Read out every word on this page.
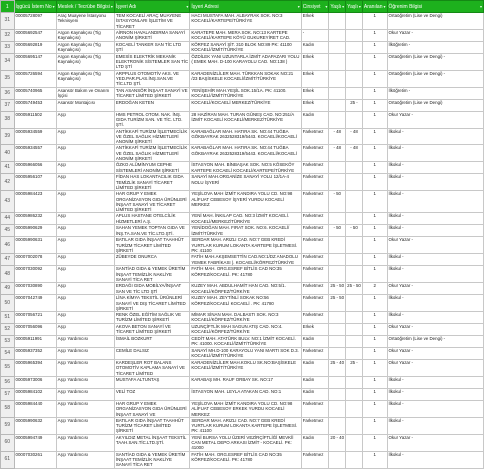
1	İşgücü İstem No ▾	Meslek / Tecrübe Bilgisi ▾	İşyeri Adı ▾	İşyeri Adresi ▾	Cinsiyet ▾	Yaşlı ▾	Yaşlı ▾	Aranılan ▾	Öğrenim Bilgisi ▾

31	00005728097	Araç Muayene İstasyonu Teknisyeni	TEM KOCAELİ ARAÇ MUAYENE İSTASYONLARI İŞLETİM VE TİCARET	HACI MUSTAFA MAH. ALBAYRAK SOK. NO:3 KOCAELİ/KARTEPE/TÜRKİYE	Erkek			1	Ortaöğretim (Lise ve Dengi)
32	00005692547	Argon Kaynakçısı (Tig Kaynakçısı)	AİRNON HAVALANDIRMA SANAYİ ANONİM ŞİRKETİ	KARATEPE MAH. MERA SOK. NO:13 KARTEPE KOCAELİ/KARTEPE KÖYÜ GUKUREYİRET CAD.	-			1	Okur Yazar -
33	00005692819	Argon Kaynakçısı (Tig Kaynakçısı)	KOCAELİ TANKER SAN TİC LTD ŞTİ	KÖRFEZ SANAYİ ŞİT. 310 BLOK NO:89 PK: 41100 KOCAELİ/İZMİT/TÜRKİYE	Kadın			1	İlköğretim -
34	00005695147	Argon Kaynakçısı (Tig Kaynakçısı)	EMESİS ELEKTRİK MEKANİK ELEKTRONİK SİSTEMLER SAN TİC LTD ŞTİ	ÖZDİLEK YANI UZUNTARLA İZMİT ADAPAZARI YOLU ( EMEK MAH. D-100 KARAYOLU CAD. NO:138 )	Erkek			1	Ortaöğretim (Lise ve Dengi) -
35	00005726594	Argon Kaynakçısı (Tig Kaynakçısı)	ARPPLUS OTOMOTİV AKS. VE YED.PAR.PLAS.İNŞ.SAN.VE TİC.LTD ŞTİ.	KARADENİZLİLER MAH. TÜRKKAN SOKAK NO:21 /23 BAŞİSKELE KOCAELİ/İZMİT/TÜRKİYE	Erkek			1	Ortaöğretim (Lise ve Dengi) -
36	00005740965	Asansör Bakım ve Onarım İşçisi	TAN ASANSÖR İNŞAAT SANAYİ VE TİCARET LİMİTED ŞİRKETİ	YENİŞEHİR MAH.YEŞİL SOK.15/1A. PK: 41100. KOCAELİ/İZMİT/TÜRKİYE	Erkek			1	İlköğretim -
37	00005749453	Asansör Montajcısı	ERDOĞAN KETEN	KOCAELİ/KOCAELİ MERKEZ/TÜRKİYE	Erkek		25 -	1	Ortaöğretim (Lise ve Dengi)
38	00005911502	Aşçı	HMS PETROL OTOM. NAK. İNŞ. GIDA TURİZM SAN. VE TİC. LTD. ŞTİ.	28 HAZİRAN MAH. TURAN GÜNEŞ CAD. NO:251/A İZMİT KOCAELİ KOCAELİ/MERKEZ/TÜRKİYE	Kadın			1	Okur Yazar -
39	00005934559	Aşçı	ANTİKKAFİ TURİZM İŞLETMECİLİK VE ÖZEL SAĞLIK HİZMETLERİ ANONİM ŞİRKETİ	KARABAĞLAR MAH. HATIRA SK. NO:44 TUĞBA GÖKBAYRAK 2632528319/5443. KOCAELİ/KOCAELİ	Farketmez	- 48	- 48	1	İlkokul -
40	00005934557	Aşçı	ANTİKKAFİ TURİZM İŞLETMECİLİK VE ÖZEL SAĞLIK HİZMETLERİ ANONİM ŞİRKETİ	KARABAĞLAR MAH. HATIRA SK. NO:44 TUĞBA GÖKBAYRAK 2632528319/5443. KOCAELİ/KOCAELİ	Farketmez	- 48	- 48	1	İlkokul -
41	00005966056	Aşçı	ÖZKO ALÜMİNYUM CEPHE SİSTEMLERİ ANONİM ŞİRKETİ	İSTASYON MAH. BİNBAŞAK SOK. NO:5 KÖSEKÖY KARTEPE KOCAELİ KOCAELİ/KARTEPE/TÜRKİYE	Farketmez			1	İlkokul -
42	00005956107	Aşçı	FİDAN HAS LOKANTACILIK GIDA TEMİZLİK SANAYİ TİCARET LİMİTED ŞİRKETİ	SANAYİ MAH.ORGANİZE SANAYİ YOLU 12/1A-4 NOLU İŞYERİ	Farketmez			1	İlkokul -
43	00005984423	Aşçı	HAR GRUP Y EMEK ORGANİZASYON GIDA ÜRÜNLERİ İNŞAAT SANAYİ VE TİCARET LİMİTED ŞİRKETİ	YEŞİLOVA MAH İZMİT KANDIRA YOLU CD. NO:98 ALİFUAT CEBESOY İŞYERİ YURDU KOCAELİ MERKEZ	Farketmez	- 50		1	İlkokul -
44	00005986232	Aşçı	APLUS HASTANE OTELCİLİK HİZMETLERİ A.Ş.	YENİ MAH. İNKILAP CAD. NO:3 İZMİT KOCAELİ. KOCAELİ/MERKEZ/TÜRKİYE	Farketmez			1	İlkokul -
45	00005990629	Aşçı	SAHAN YEMEK TOPTAN GIDA VE İNŞ.TA.SAN.VE TİC.LTD.ŞTİ.	YENİDOĞAN MAH. FIRAT SOK. NO:6. KOCAELİ/İZMİT/TÜRKİYE	Farketmez	- 50	- 50	1	İlkokul -
46	00005990631	Aşçı	BATILAR GIDA İNŞAAT TAAHHÜT TURİZM TİCARET LİMİTED ŞİRKETİ	SERDAR MAH. ARIZLI CAD. NO:7 GEB KREDİ YURTLAR KURUM LOKANTA KARTEPE İŞLETMESİ. PK: 41100	Farketmez			1	Okur Yazar -
47	00007002078	Aşçı	ZÜBEYDE ONURCA	FATİH MAH.AKŞEMSETTİN CAD.NO:1/DZ ANADOLU YEMEK FABRİKASI ). KOCAELİ/KÖRFEZ/TÜRKİYE	Farketmez			1	İlkokul -
48	00007030092	Aşçı	SANTİAD GIDA & YEMEK ÜRETİM İNŞAAT TEMİZLİK NAKLİYE SANAYİ TİCA RET	FATİH MAH. ORG.ESREF BİTLİS CAD NO:35 KÖRFEZ/KOCAELİ. PK: 41780	Farketmez			1	İlkokul -
49	00007030890	Aşçı	ERDAĞI GIDA MOBİLYA/İNŞAAT SAN VE TİC LTD ŞTİ	KUZEY MAH. ABDULHAMİT HAN CAD. NO:5/1. KOCAELİ/KÖRFEZ/TÜRKİYE	Farketmez	25 - 50	25 - 50	2	Okur Yazar -
50	00007042749	Aşçı	LİNA KİMYA TEKSTİL ÜRÜNLERİ SANAYİ VE DIŞ TİCARET LİMİTED ŞİRKETİ	KUZEY MAH. ZEYTİNLİ SOKAK NO:56 KÖRFEZ/KOCAELİ KOCAELİ . PK: 41780	Farketmez	25 - 50		1	İlkokul -
51	00007056721	Aşçı	RENK ÖZEL EĞİTİM SAĞLIK VE TURİZM LİMİTED ŞİRKETİ	MİMAR SİNAN MAH. DALBASTI SOK. NO:3 KOCAELİ/KÖRFEZ/TÜRKİYE	Farketmez			1	İlkokul -
52	00007056096	Aşçı	AKOVA BETON SANAYİ VE TİCARET LİMİTED ŞİRKETİ	UZUNÇİFTLİK MAH SAGUN ATIŞ CAD. NO:4. KOCAELİ/KÖRFEZ/TÜRKİYE	Erkek			1	Okur Yazar -
53	00005911991	Aşçı Yardımcısı	İSMAİL BOZKURT	CEDİT MAH. ATATÜRK BULV. NO:1 İZMİT KOCAELİ. PK: 41000. KOCAELİ/İZMİT/TÜRKİYE	Kadın			1	Ortaöğretim (Lise ve Dengi) -
54	00005937352	Aşçı Yardımcısı	CEMİLE DALSIZ	SANAYİ MH.D-100 KARAYOLU YANI MARTI SOK D.3. KOCAELİ/İZMİT/TÜRKİYE	Farketmez			1	Okur Yazar -
55	00005965394	Aşçı Yardımcısı	KARDEŞLER ROT BALANS OTOMOTİV KAPLAMA SANAYİ VE TİCARET LİMİTED	KARADENİZLİLER MAH.KOKLU SK.NO:BAŞİSKELE KOCAELİ/İZMİT/TÜRKİYE	Kadın	25 - 40	25 -	1	Okur Yazar -
56	00005973006	Aşçı Yardımcısı	MUSTAFA ALTUNTAŞ	KARABAŞ MH. RAUF ORBAY SK. NO:17	Kadın			1	İlkokul -
57	00005984102	Aşçı Yardımcısı	VELİ TOZ	İSTASYON MAH. LEYLA ATAKAN CAD. NO:1	Kadın			1	İlkokul -
58	00005984440	Aşçı Yardımcısı	HAR GRUP Y EMEK ORGANİZASYON GIDA ÜRÜNLERİ İNŞAAT SANAYİ VE	YEŞİLOVA MAH İZMİT KANDIRA YOLU CD. NO:98 ALİFUAT CEBESOY ERKEK YURDU KOCAELİ MERKEZ	Farketmez			1	İlkokul -
59	00005990632	Aşçı Yardımcısı	BATILAR GIDA İNŞAAT TAAHHÜT TURİZM TİCARET LİMİTED ŞİRKETİ	SERDAR MAH. ARIZLI CAD. NO:7 GEB KREDİ YURTLAR KURUM LOKANTA KARTEPE İŞLETMESİ. PK: 41100	Farketmez			1	İlkokul -
60	00005994749	Aşçı Yardımcısı	AKYILDIZ METAL İNŞAAT TEKSTİL TAAH.SAN.TİC.LTD.ŞTİ.	YENİ BURSA YOLU ÜZERİ VEZİRÇİFTLİĞİ MEVKİİ CAN METAL DEPO ARKASI İZMİT - KOCAELİ. PK: 41000	Kadın	20 - 40		1	Okur Yazar -
61	00007030261	Aşçı Yardımcısı	SANTİAD GIDA & YEMEK ÜRETİM İNŞAAT TEMİZLİK NAKLİYE SANAYİ TİCA RET	FATİH MAH. ORG.ESREF BİTLİS CAD NO:35 KÖRFEZ/KOCAELİ. PK: 41780	Farketmez			1	İlkokul -
